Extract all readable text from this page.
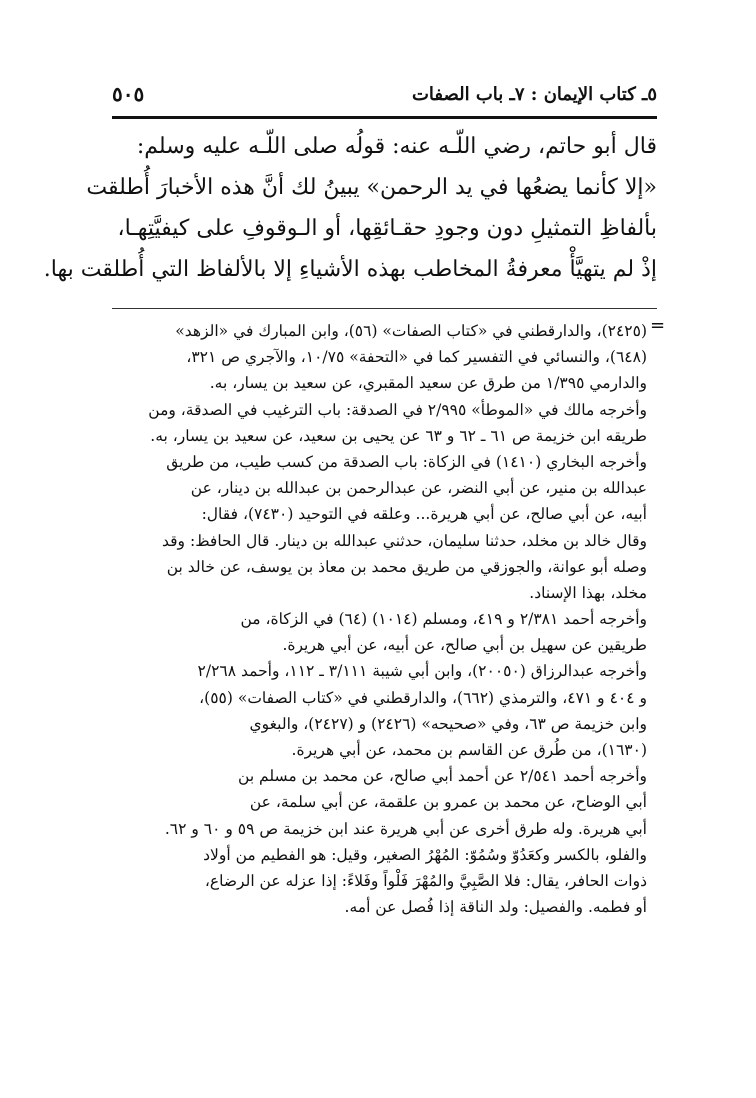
٥ـ كتاب الإيمان : ٧ـ باب الصفات
٥٠٥
قال أبو حاتم، رضي اللّـه عنه: قولُه صلى اللّـه عليه وسلم:
«إلا كأنما يضعُها في يد الرحمن» يبينُ لك أنَّ هذه الأخبارَ أُطلقت
بألفاظِ التمثيلِ دون وجودِ حقـائقِها، أو الـوقوفِ على كيفيَّتِهـا،
إذْ لم يتهيَّأْ معرفةُ المخاطب بهذه الأشياءِ إلا بالألفاظ التي أُطلقت بها.
=
(٢٤٢٥)، والدارقطني في «كتاب الصفات» (٥٦)، وابن المبارك في «الزهد»
(٦٤٨)، والنسائي في التفسير كما في «التحفة» ١٠/٧٥، والآجري ص ٣٢١،
والدارمي ١/٣٩٥ من طرق عن سعيد المقبري، عن سعيد بن يسار، به.
وأخرجه مالك في «الموطأ» ٢/٩٩٥ في الصدقة: باب الترغيب في الصدقة، ومن
طريقه ابن خزيمة ص ٦١ ـ ٦٢ و ٦٣ عن يحيى بن سعيد، عن سعيد بن يسار، به.
وأخرجه البخاري (١٤١٠) في الزكاة: باب الصدقة من كسب طيب، من طريق
عبدالله بن منير، عن أبي النضر، عن عبدالرحمن بن عبدالله بن دينار، عن
أبيه، عن أبي صالح، عن أبي هريرة... وعلقه في التوحيد (٧٤٣٠)، فقال:
وقال خالد بن مخلد، حدثنا سليمان، حدثني عبدالله بن دينار. قال الحافظ: وقد
وصله أبو عوانة، والجوزقي من طريق محمد بن معاذ بن يوسف، عن خالد بن
مخلد، بهذا الإسناد.
وأخرجه أحمد ٢/٣٨١ و ٤١٩، ومسلم (١٠١٤) (٦٤) في الزكاة، من
طريقين عن سهيل بن أبي صالح، عن أبيه، عن أبي هريرة.
وأخرجه عبدالرزاق (٢٠٠٥٠)، وابن أبي شيبة ٣/١١١ ـ ١١٢، وأحمد ٢/٢٦٨
و ٤٠٤ و ٤٧١، والترمذي (٦٦٢)، والدارقطني في «كتاب الصفات» (٥٥)،
وابن خزيمة ص ٦٣، وفي «صحيحه» (٢٤٢٦) و (٢٤٢٧)، والبغوي
(١٦٣٠)، من طُرق عن القاسم بن محمد، عن أبي هريرة.
وأخرجه أحمد ٢/٥٤١ عن أحمد أبي صالح، عن محمد بن مسلم بن
أبي الوضاح، عن محمد بن عمرو بن علقمة، عن أبي سلمة، عن
أبي هريرة. وله طرق أخرى عن أبي هريرة عند ابن خزيمة ص ٥٩ و ٦٠ و ٦٢.
والفلو، بالكسر وكعَدُوّ وسُمُوّ: المُهْرُ الصغير، وقيل: هو الفطيم من أولاد
ذوات الحافر، يقال: فلا الصَّبِيَّ والمُهْرَ فَلْواً وفَلاءً: إذا عزله عن الرضاع،
أو فطمه. والفصيل: ولد الناقة إذا فُصل عن أمه.
